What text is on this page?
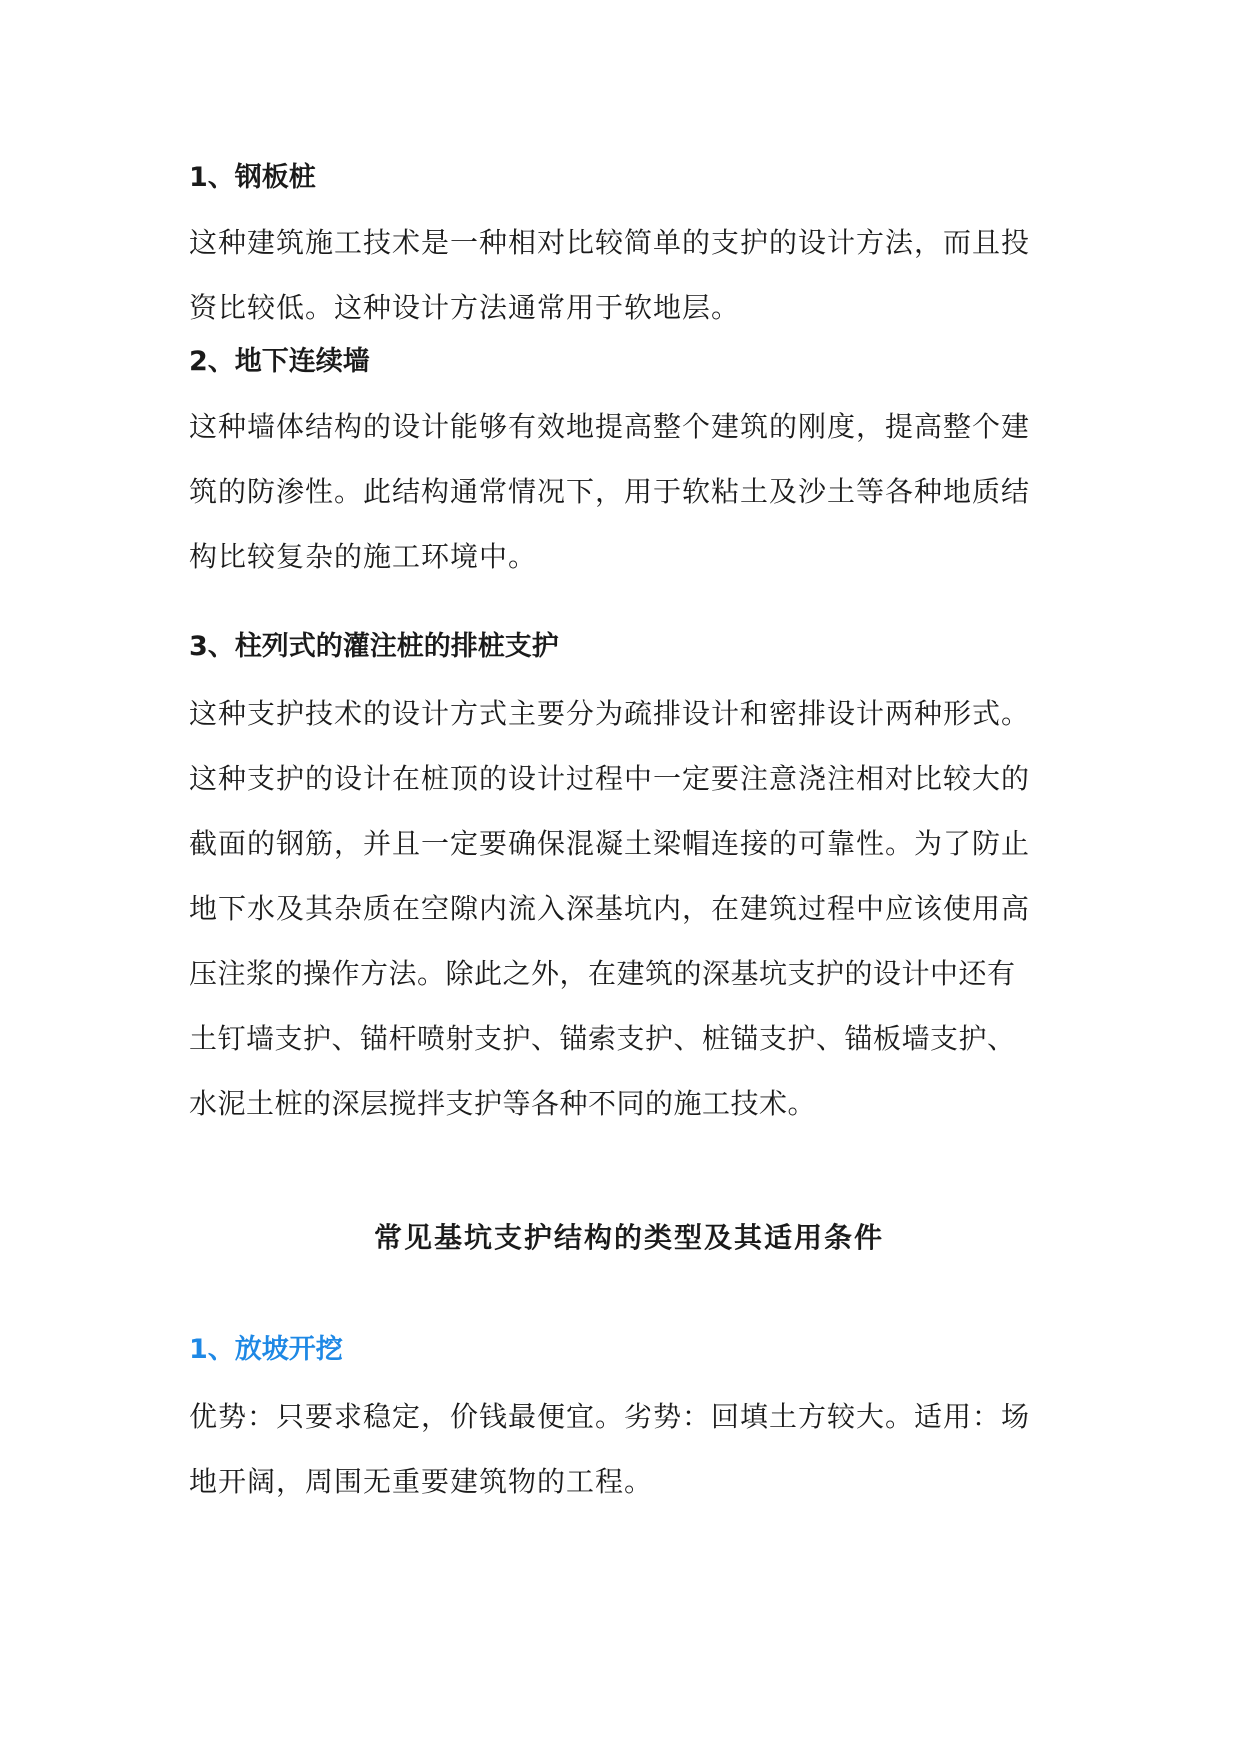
1、钢板桩

这种建筑施工技术是一种相对比较简单的支护的设计方法，而且投

资比较低。这种设计方法通常用于软地层。

2、地下连续墙

这种墙体结构的设计能够有效地提高整个建筑的刚度，提高整个建

筑的防渗性。此结构通常情况下，用于软粘土及沙土等各种地质结

构比较复杂的施工环境中。

3、柱列式的灌注桩的排桩支护

这种支护技术的设计方式主要分为疏排设计和密排设计两种形式。

这种支护的设计在桩顶的设计过程中一定要注意浇注相对比较大的

截面的钢筋，并且一定要确保混凝土梁帽连接的可靠性。为了防止

地下水及其杂质在空隙内流入深基坑内，在建筑过程中应该使用高

压注浆的操作方法。除此之外，在建筑的深基坑支护的设计中还有

土钉墙支护、锚杆喷射支护、锚索支护、桩锚支护、锚板墙支护、

水泥土桩的深层搅拌支护等各种不同的施工技术。

常见基坑支护结构的类型及其适用条件
1、放坡开挖

优势：只要求稳定，价钱最便宜。劣势：回填土方较大。适用：场

地开阔，周围无重要建筑物的工程。
